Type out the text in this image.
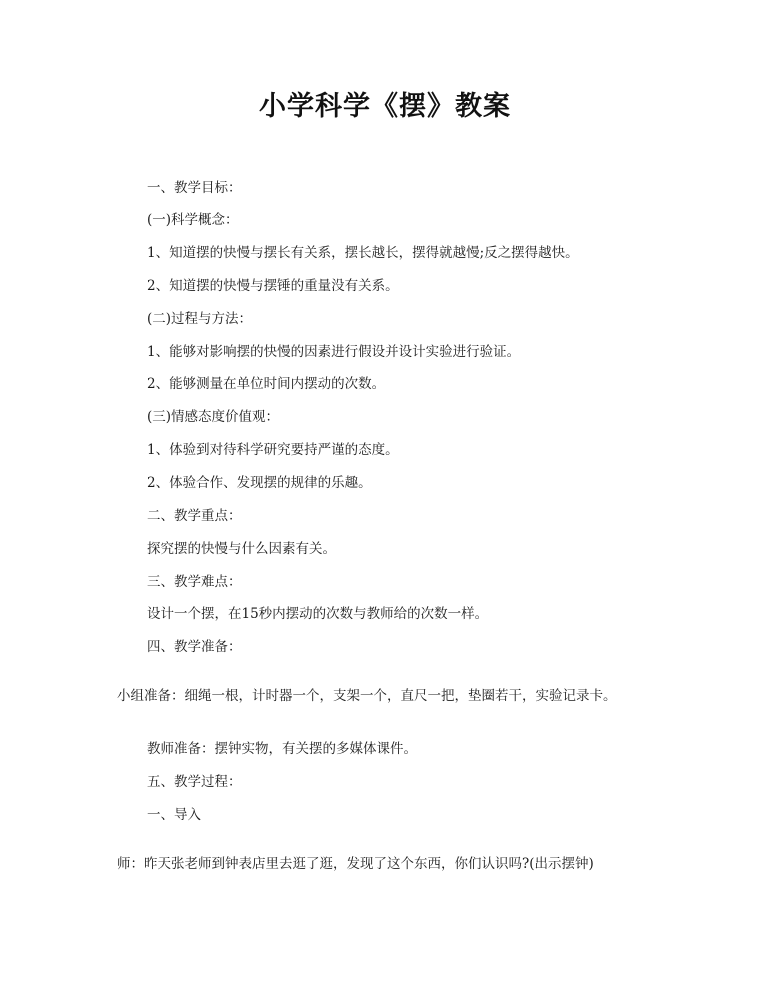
小学科学《摆》教案
一、教学目标：
(一)科学概念：
1、知道摆的快慢与摆长有关系，摆长越长，摆得就越慢;反之摆得越快。
2、知道摆的快慢与摆锤的重量没有关系。
(二)过程与方法：
1、能够对影响摆的快慢的因素进行假设并设计实验进行验证。
2、能够测量在单位时间内摆动的次数。
(三)情感态度价值观：
1、体验到对待科学研究要持严谨的态度。
2、体验合作、发现摆的规律的乐趣。
二、教学重点：
探究摆的快慢与什么因素有关。
三、教学难点：
设计一个摆，在15秒内摆动的次数与教师给的次数一样。
四、教学准备：
小组准备：细绳一根，计时器一个，支架一个，直尺一把，垫圈若干，实验记录卡。
教师准备：摆钟实物，有关摆的多媒体课件。
五、教学过程：
一、导入
师：昨天张老师到钟表店里去逛了逛，发现了这个东西，你们认识吗?(出示摆钟)
